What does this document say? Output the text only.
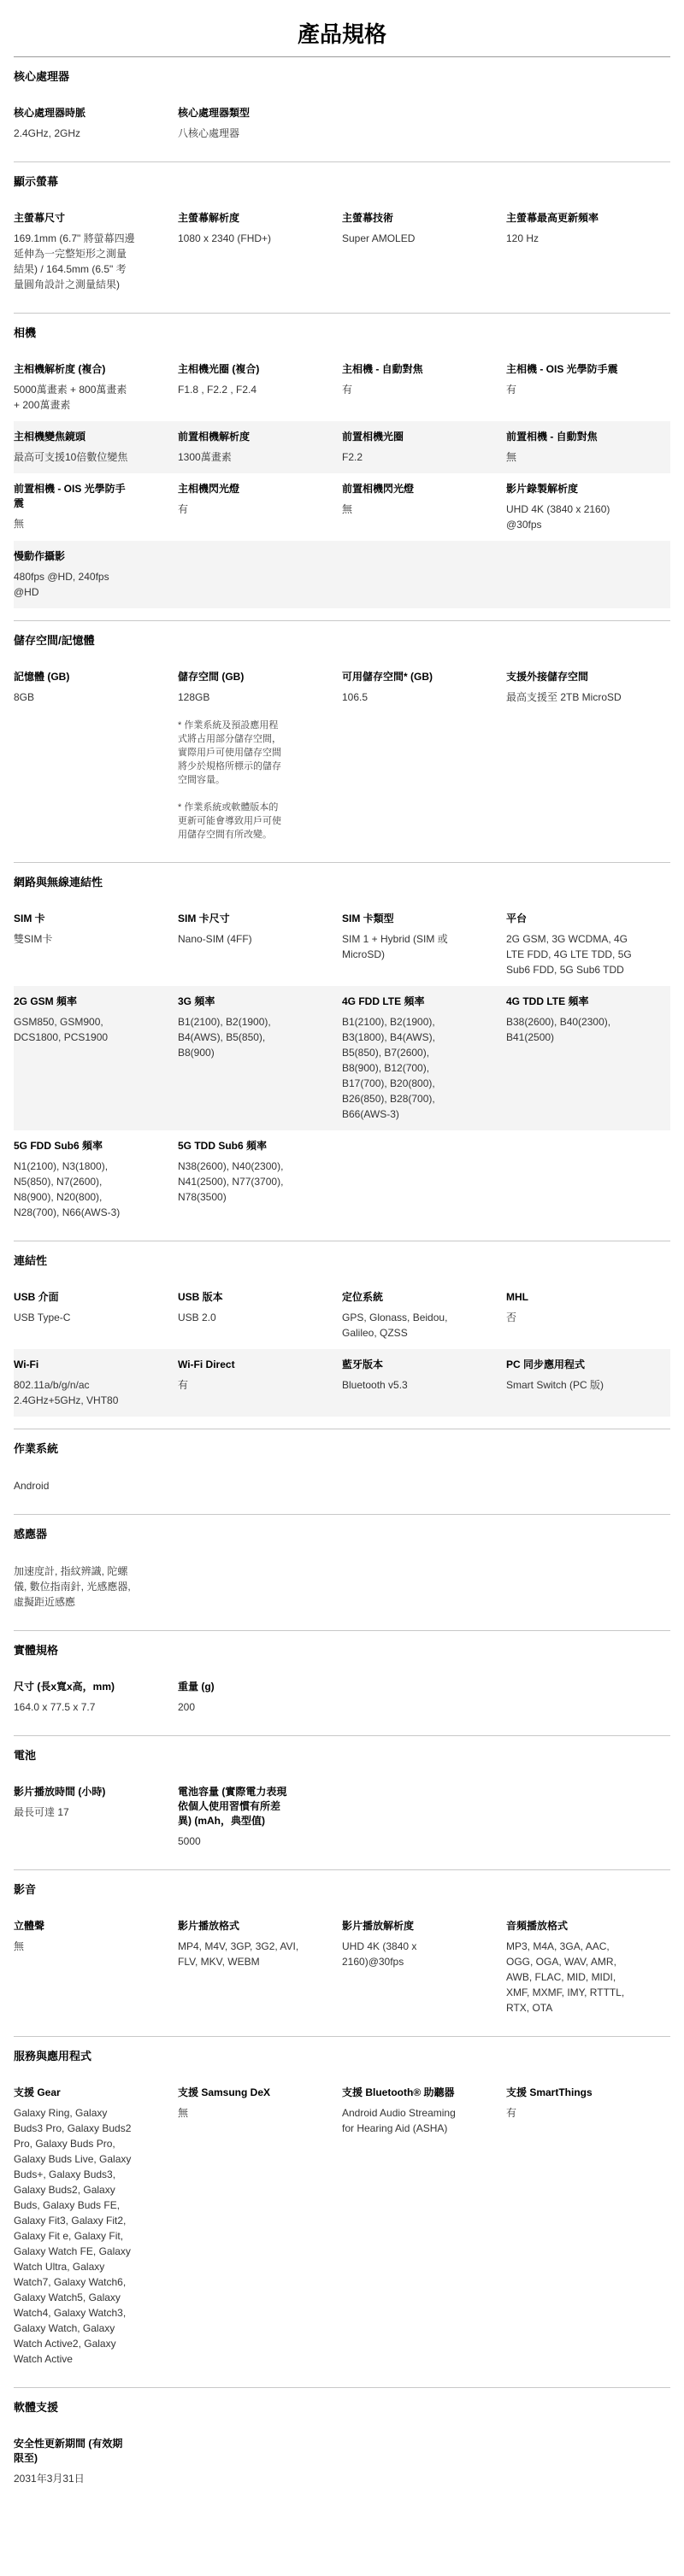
產品規格
核心處理器
核心處理器時脈
2.4GHz, 2GHz
核心處理器類型
八核心處理器
顯示螢幕
主螢幕尺寸
169.1mm (6.7" 將螢幕四邊
延伸為一完整矩形之測量
結果) / 164.5mm (6.5" 考
量圓角設計之測量結果)
主螢幕解析度
1080 x 2340 (FHD+)
主螢幕技術
Super AMOLED
主螢幕最高更新頻率
120 Hz
相機
主相機解析度 (複合)
5000萬畫素 + 800萬畫素
+ 200萬畫素
主相機光圈 (複合)
F1.8 , F2.2 , F2.4
主相機 - 自動對焦
有
主相機 - OIS 光學防手震
有
主相機變焦鏡頭
最高可支援10倍數位變焦
前置相機解析度
1300萬畫素
前置相機光圈
F2.2
前置相機 - 自動對焦
無
前置相機 - OIS 光學防手
震
無
主相機閃光燈
有
前置相機閃光燈
無
影片錄製解析度
UHD 4K (3840 x 2160)
@30fps
慢動作攝影
480fps @HD, 240fps
@HD
儲存空間/記憶體
記憶體 (GB)
8GB
儲存空間 (GB)
128GB
* 作業系統及預設應用程
式將占用部分儲存空間，
實際用戶可使用儲存空間
將少於規格所標示的儲存
空間容量。

* 作業系統或軟體版本的
更新可能會導致用戶可使
用儲存空間有所改變。
可用儲存空間* (GB)
106.5
支援外接儲存空間
最高支援至 2TB MicroSD
網路與無線連結性
SIM 卡
雙SIM卡
SIM 卡尺寸
Nano-SIM (4FF)
SIM 卡類型
SIM 1 + Hybrid (SIM 或
MicroSD)
平台
2G GSM, 3G WCDMA, 4G
LTE FDD, 4G LTE TDD, 5G
Sub6 FDD, 5G Sub6 TDD
2G GSM 頻率
GSM850, GSM900,
DCS1800, PCS1900
3G 頻率
B1(2100), B2(1900),
B4(AWS), B5(850),
B8(900)
4G FDD LTE 頻率
B1(2100), B2(1900),
B3(1800), B4(AWS),
B5(850), B7(2600),
B8(900), B12(700),
B17(700), B20(800),
B26(850), B28(700),
B66(AWS-3)
4G TDD LTE 頻率
B38(2600), B40(2300),
B41(2500)
5G FDD Sub6 頻率
N1(2100), N3(1800),
N5(850), N7(2600),
N8(900), N20(800),
N28(700), N66(AWS-3)
5G TDD Sub6 頻率
N38(2600), N40(2300),
N41(2500), N77(3700),
N78(3500)
連結性
USB 介面
USB Type-C
USB 版本
USB 2.0
定位系統
GPS, Glonass, Beidou,
Galileo, QZSS
MHL
否
Wi-Fi
802.11a/b/g/n/ac
2.4GHz+5GHz, VHT80
Wi-Fi Direct
有
藍牙版本
Bluetooth v5.3
PC 同步應用程式
Smart Switch (PC 版)
作業系統
Android
感應器
加速度計, 指紋辨識, 陀螺
儀, 數位指南針, 光感應器,
虛擬距近感應
實體規格
尺寸 (長x寬x高，mm)
164.0 x 77.5 x 7.7
重量 (g)
200
電池
影片播放時間 (小時)
最長可達 17
電池容量 (實際電力表現
依個人使用習慣有所差
異) (mAh，典型值)
5000
影音
立體聲
無
影片播放格式
MP4, M4V, 3GP, 3G2, AVI,
FLV, MKV, WEBM
影片播放解析度
UHD 4K (3840 x
2160)@30fps
音頻播放格式
MP3, M4A, 3GA, AAC,
OGG, OGA, WAV, AMR,
AWB, FLAC, MID, MIDI,
XMF, MXMF, IMY, RTTTL,
RTX, OTA
服務與應用程式
支援 Gear
Galaxy Ring, Galaxy
Buds3 Pro, Galaxy Buds2
Pro, Galaxy Buds Pro,
Galaxy Buds Live, Galaxy
Buds+, Galaxy Buds3,
Galaxy Buds2, Galaxy
Buds, Galaxy Buds FE,
Galaxy Fit3, Galaxy Fit2,
Galaxy Fit e, Galaxy Fit,
Galaxy Watch FE, Galaxy
Watch Ultra, Galaxy
Watch7, Galaxy Watch6,
Galaxy Watch5, Galaxy
Watch4, Galaxy Watch3,
Galaxy Watch, Galaxy
Watch Active2, Galaxy
Watch Active
支援 Samsung DeX
無
支援 Bluetooth® 助聽器
Android Audio Streaming
for Hearing Aid (ASHA)
支援 SmartThings
有
軟體支援
安全性更新期間 (有效期
限至)
2031年3月31日
